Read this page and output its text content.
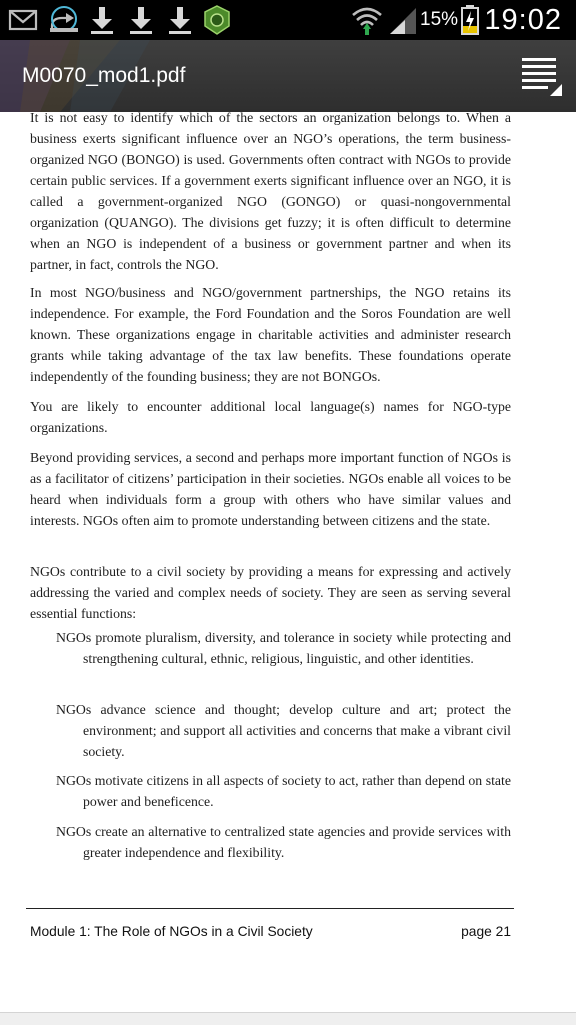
15% 19:02
M0070_mod1.pdf

It is not easy to identify which of the sectors an organization belongs to. When a business exerts significant influence over an NGO’s operations, the term business-organized NGO (BONGO) is used. Governments often contract with NGOs to provide certain public services. If a government exerts significant influence over an NGO, it is called a government-organized NGO (GONGO) or quasi-nongovernmental organization (QUANGO). The divisions get fuzzy; it is often difficult to determine when an NGO is independent of a business or government partner and when its partner, in fact, controls the NGO.

In most NGO/business and NGO/government partnerships, the NGO retains its independence. For example, the Ford Foundation and the Soros Foundation are well known. These organizations engage in charitable activities and administer research grants while taking advantage of the tax law benefits. These foundations operate independently of the founding business; they are not BONGOs.

You are likely to encounter additional local language(s) names for NGO-type organizations.

Beyond providing services, a second and perhaps more important function of NGOs is as a facilitator of citizens’ participation in their societies. NGOs enable all voices to be heard when individuals form a group with others who have similar values and interests. NGOs often aim to promote understanding between citizens and the state.

NGOs contribute to a civil society by providing a means for expressing and actively addressing the varied and complex needs of society. They are seen as serving several essential functions:

NGOs promote pluralism, diversity, and tolerance in society while protecting and strengthening cultural, ethnic, religious, linguistic, and other identities.

NGOs advance science and thought; develop culture and art; protect the environment; and support all activities and concerns that make a vibrant civil society.

NGOs motivate citizens in all aspects of society to act, rather than depend on state power and beneficence.

NGOs create an alternative to centralized state agencies and provide services with greater independence and flexibility.

Module 1: The Role of NGOs in a Civil Society	page 21
